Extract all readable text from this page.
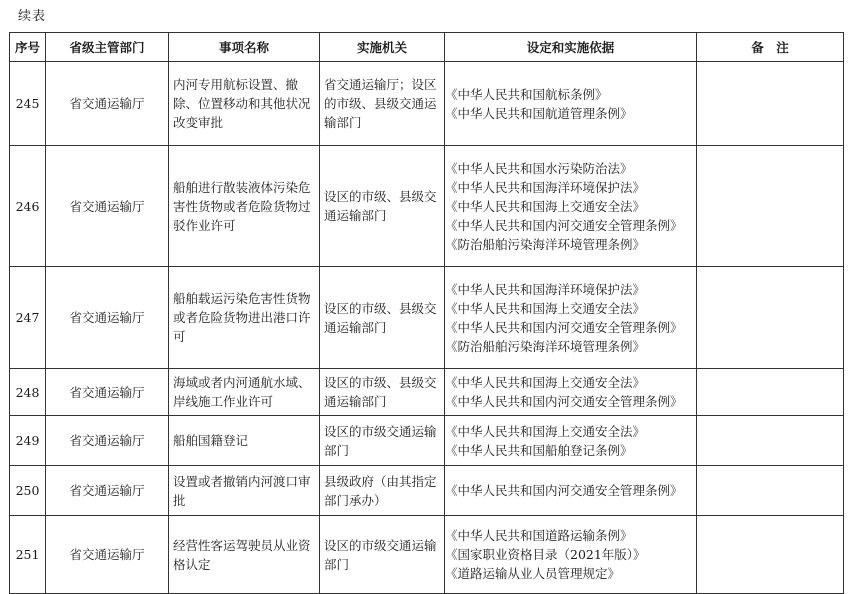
续表
序号	省级主管部门	事项名称	实施机关	设定和实施依据	备　注
245	省交通运输厅	内河专用航标设置、撤除、位置移动和其他状况改变审批	省交通运输厅；设区的市级、县级交通运输部门	《中华人民共和国航标条例》
《中华人民共和国航道管理条例》	

246	省交通运输厅	船舶进行散装液体污染危害性货物或者危险货物过驳作业许可	设区的市级、县级交通运输部门	《中华人民共和国水污染防治法》
《中华人民共和国海洋环境保护法》
《中华人民共和国海上交通安全法》
《中华人民共和国内河交通安全管理条例》
《防治船舶污染海洋环境管理条例》	

247	省交通运输厅	船舶载运污染危害性货物或者危险货物进出港口许可	设区的市级、县级交通运输部门	《中华人民共和国海洋环境保护法》
《中华人民共和国海上交通安全法》
《中华人民共和国内河交通安全管理条例》
《防治船舶污染海洋环境管理条例》	

248	省交通运输厅	海域或者内河通航水域、岸线施工作业许可	设区的市级、县级交通运输部门	《中华人民共和国海上交通安全法》
《中华人民共和国内河交通安全管理条例》	

249	省交通运输厅	船舶国籍登记	设区的市级交通运输部门	《中华人民共和国海上交通安全法》
《中华人民共和国船舶登记条例》	

250	省交通运输厅	设置或者撤销内河渡口审批	县级政府（由其指定部门承办）	《中华人民共和国内河交通安全管理条例》	

251	省交通运输厅	经营性客运驾驶员从业资格认定	设区的市级交通运输部门	《中华人民共和国道路运输条例》
《国家职业资格目录（2021年版）》
《道路运输从业人员管理规定》	
